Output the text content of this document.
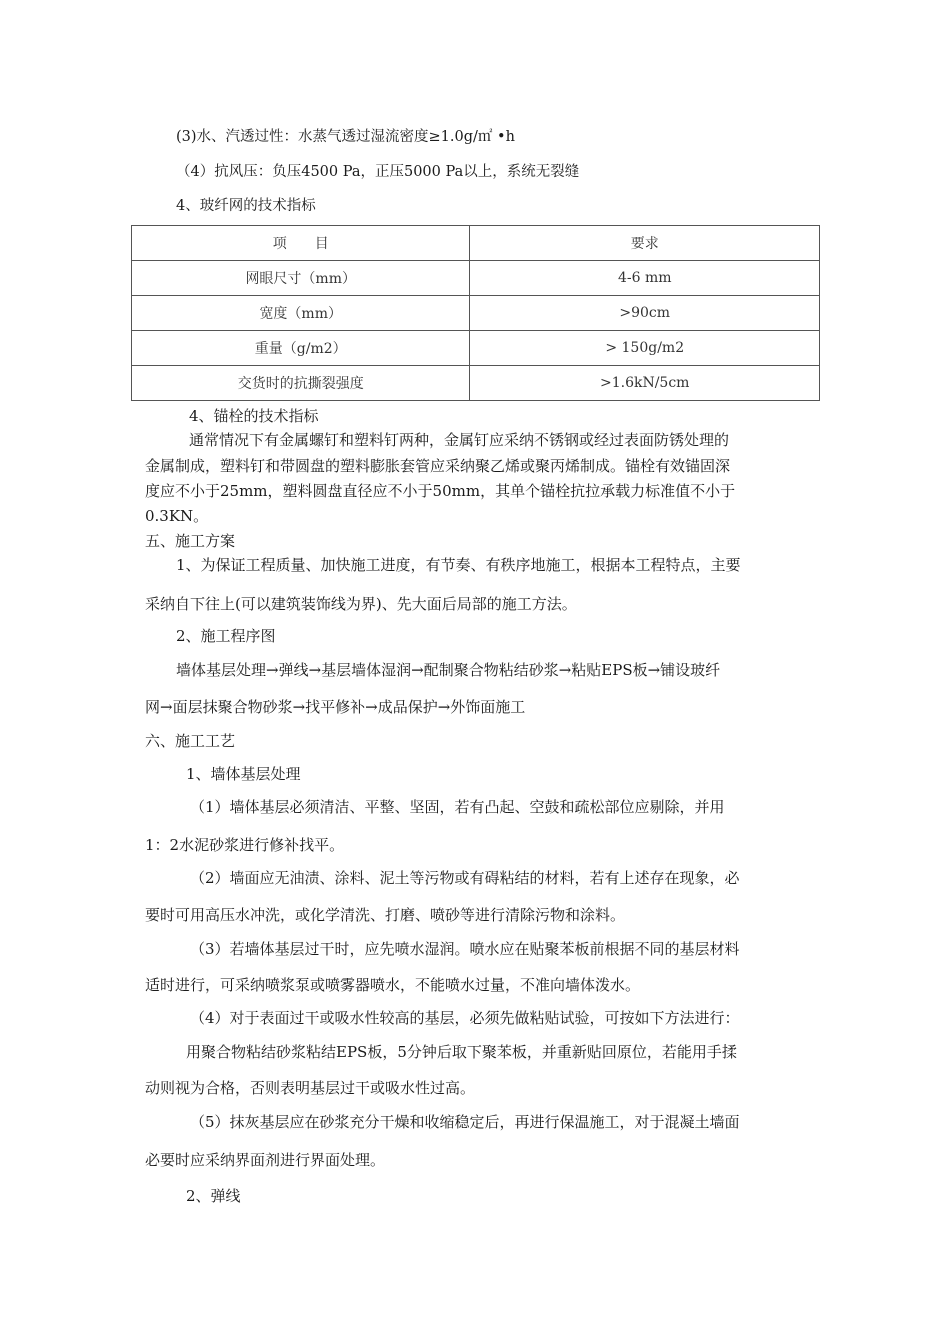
(3)水、汽透过性：水蒸气透过湿流密度≥1.0g/㎡ •h
（4）抗风压：负压4500 Pa，正压5000 Pa以上，系统无裂缝
4、玻纤网的技术指标
项　　目	要求
网眼尺寸（mm）	4-6 mm
宽度（mm）	>90cm
重量（g/m2）	> 150g/m2
交货时的抗撕裂强度	>1.6kN/5cm
4、锚栓的技术指标
通常情况下有金属螺钉和塑料钉两种，金属钉应采纳不锈钢或经过表面防锈处理的
金属制成，塑料钉和带圆盘的塑料膨胀套管应采纳聚乙烯或聚丙烯制成。锚栓有效锚固深
度应不小于25mm，塑料圆盘直径应不小于50mm，其单个锚栓抗拉承载力标准值不小于
0.3KN。
五、施工方案
1、为保证工程质量、加快施工进度，有节奏、有秩序地施工，根据本工程特点，主要
采纳自下往上(可以建筑装饰线为界)、先大面后局部的施工方法。
2、施工程序图
墙体基层处理→弹线→基层墙体湿润→配制聚合物粘结砂浆→粘贴EPS板→铺设玻纤
网→面层抹聚合物砂浆→找平修补→成品保护→外饰面施工
六、施工工艺
1、墙体基层处理
（1）墙体基层必须清洁、平整、坚固，若有凸起、空鼓和疏松部位应剔除，并用
1：2水泥砂浆进行修补找平。
（2）墙面应无油渍、涂料、泥土等污物或有碍粘结的材料，若有上述存在现象，必
要时可用高压水冲洗，或化学清洗、打磨、喷砂等进行清除污物和涂料。
（3）若墙体基层过干时，应先喷水湿润。喷水应在贴聚苯板前根据不同的基层材料
适时进行，可采纳喷浆泵或喷雾器喷水，不能喷水过量，不准向墙体泼水。
（4）对于表面过干或吸水性较高的基层，必须先做粘贴试验，可按如下方法进行：
用聚合物粘结砂浆粘结EPS板，5分钟后取下聚苯板，并重新贴回原位，若能用手揉
动则视为合格，否则表明基层过干或吸水性过高。
（5）抹灰基层应在砂浆充分干燥和收缩稳定后，再进行保温施工，对于混凝土墙面
必要时应采纳界面剂进行界面处理。
2、弹线
